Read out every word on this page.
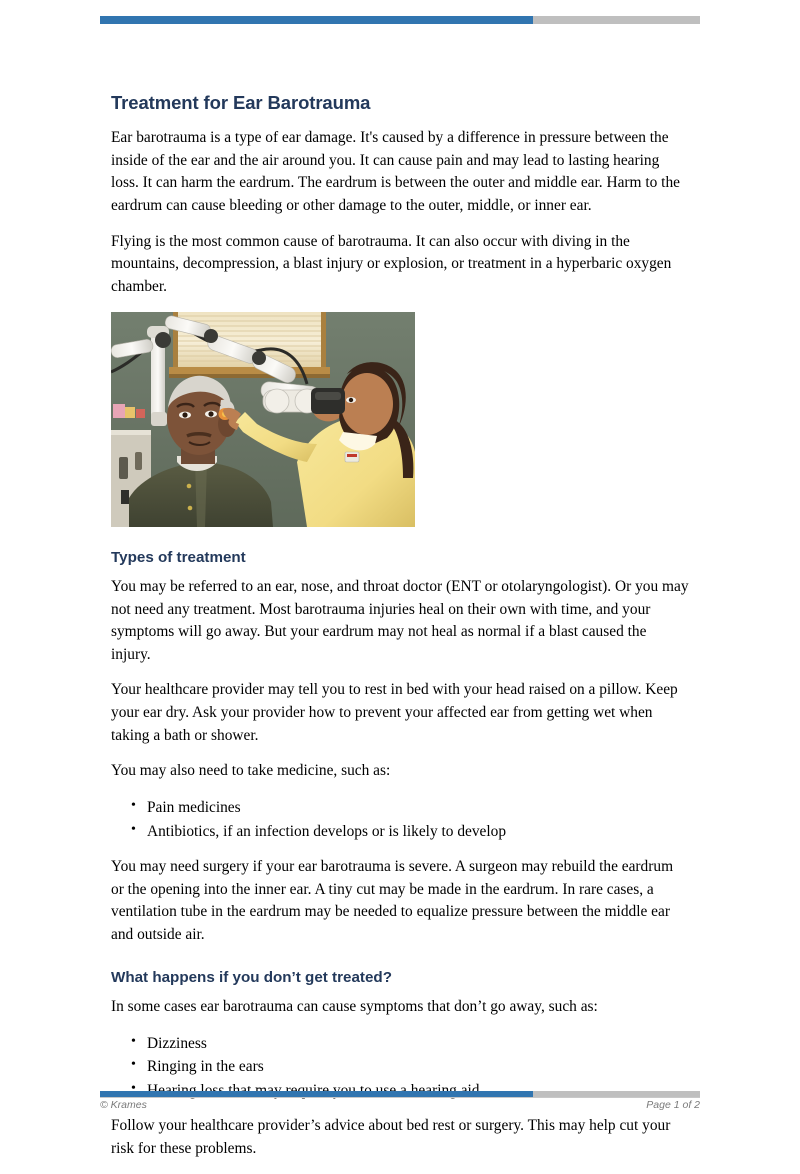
Treatment for Ear Barotrauma

Ear barotrauma is a type of ear damage. It's caused by a difference in pressure between the inside of the ear and the air around you. It can cause pain and may lead to lasting hearing loss. It can harm the eardrum. The eardrum is between the outer and middle ear. Harm to the eardrum can cause bleeding or other damage to the outer, middle, or inner ear.

Flying is the most common cause of barotrauma. It can also occur with diving in the mountains, decompression, a blast injury or explosion, or treatment in a hyperbaric oxygen chamber.

Types of treatment

You may be referred to an ear, nose, and throat doctor (ENT or otolaryngologist). Or you may not need any treatment. Most barotrauma injuries heal on their own with time, and your symptoms will go away. But your eardrum may not heal as normal if a blast caused the injury.

Your healthcare provider may tell you to rest in bed with your head raised on a pillow. Keep your ear dry. Ask your provider how to prevent your affected ear from getting wet when taking a bath or shower.

You may also need to take medicine, such as:

• Pain medicines
• Antibiotics, if an infection develops or is likely to develop

You may need surgery if your ear barotrauma is severe. A surgeon may rebuild the eardrum or the opening into the inner ear. A tiny cut may be made in the eardrum. In rare cases, a ventilation tube in the eardrum may be needed to equalize pressure between the middle ear and outside air.

What happens if you don’t get treated?

In some cases ear barotrauma can cause symptoms that don’t go away, such as:

• Dizziness
• Ringing in the ears
•

Follow your healthcare provider’s advice about bed rest or surgery. This may help cut your risk for these problems.

© Krames	Page 1 of 2
